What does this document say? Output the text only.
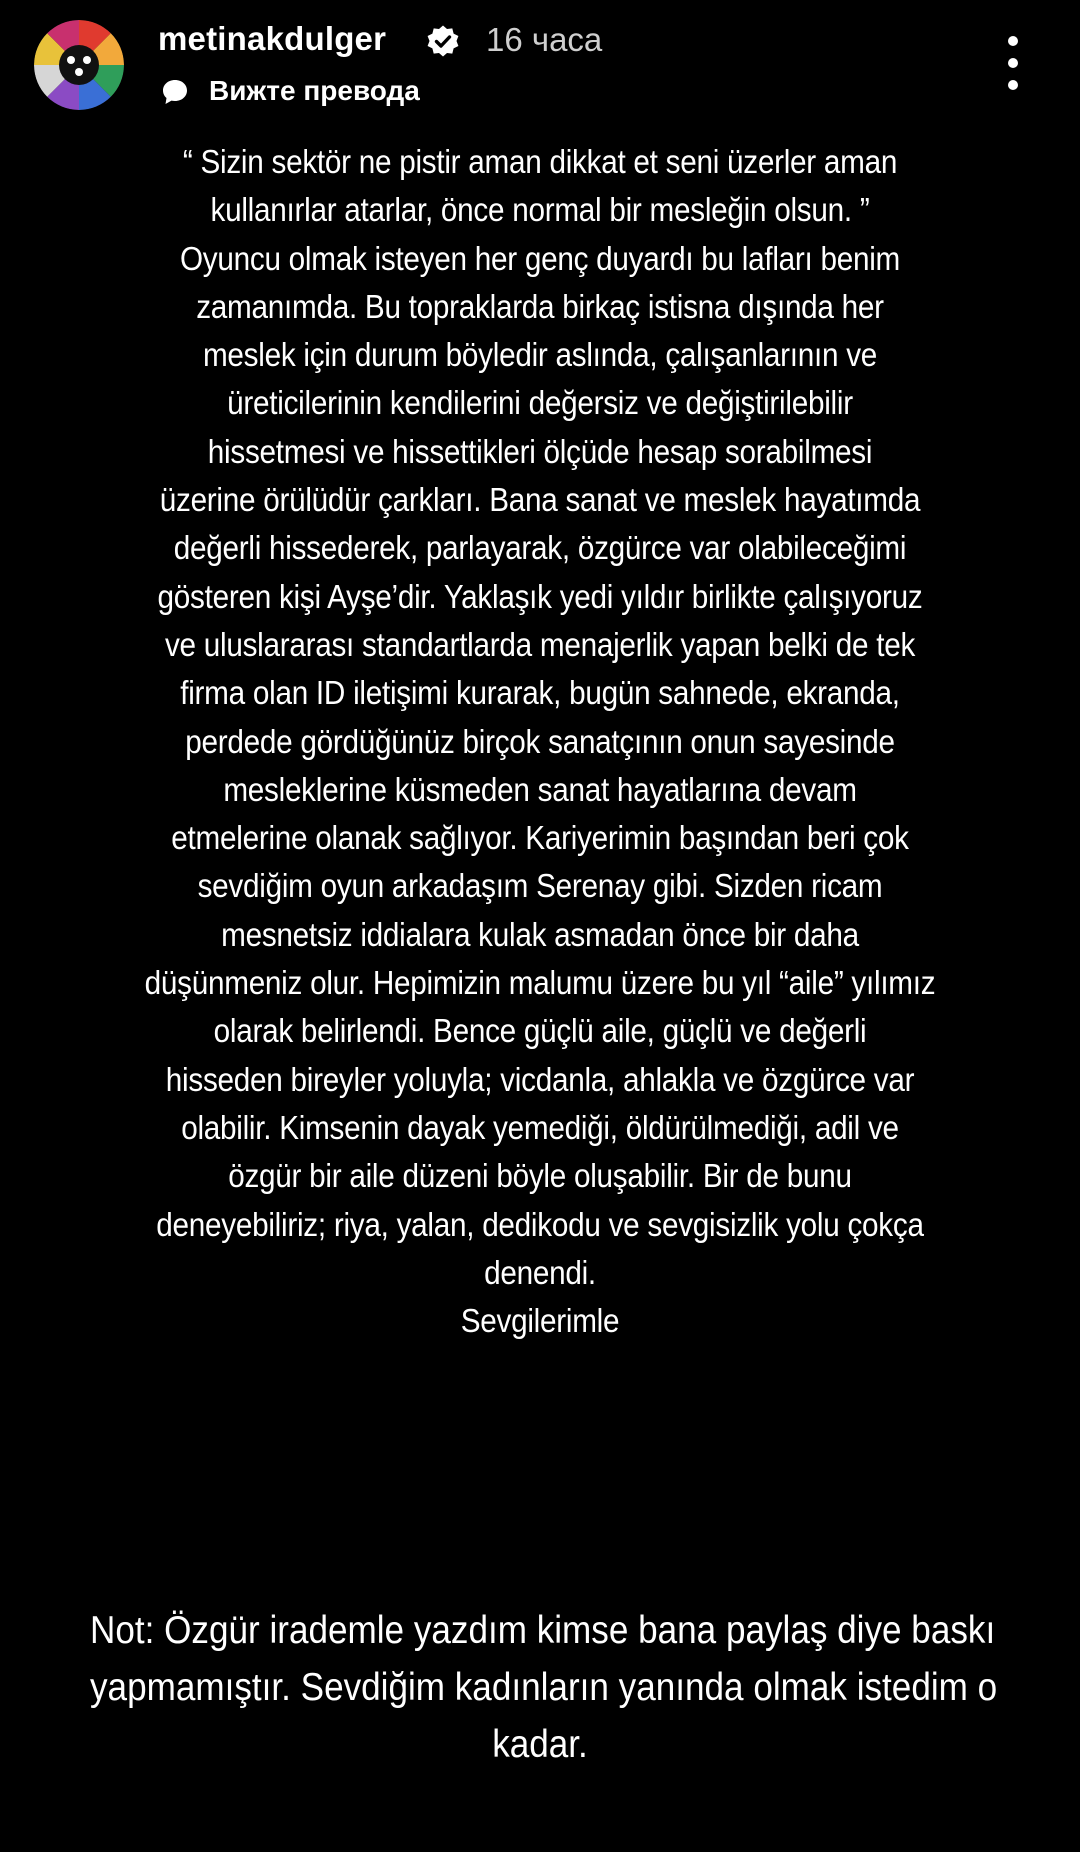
metinakdulger	16 часа
Вижте превода
“ Sizin sektör ne pistir aman dikkat et seni üzerler aman
kullanırlar atarlar, önce normal bir mesleğin olsun. ”
Oyuncu olmak isteyen her genç duyardı bu lafları benim
zamanımda. Bu topraklarda birkaç istisna dışında her
meslek için durum böyledir aslında, çalışanlarının ve
üreticilerinin kendilerini değersiz ve değiştirilebilir
hissetmesi ve hissettikleri ölçüde hesap sorabilmesi
üzerine örülüdür çarkları. Bana sanat ve meslek hayatımda
değerli hissederek, parlayarak, özgürce var olabileceğimi
gösteren kişi Ayşe’dir. Yaklaşık yedi yıldır birlikte çalışıyoruz
ve uluslararası standartlarda menajerlik yapan belki de tek
firma olan ID iletişimi kurarak, bugün sahnede, ekranda,
perdede gördüğünüz birçok sanatçının onun sayesinde
mesleklerine küsmeden sanat hayatlarına devam
etmelerine olanak sağlıyor. Kariyerimin başından beri çok
sevdiğim oyun arkadaşım Serenay gibi. Sizden ricam
mesnetsiz iddialara kulak asmadan önce bir daha
düşünmeniz olur. Hepimizin malumu üzere bu yıl “aile” yılımız
olarak belirlendi. Bence güçlü aile, güçlü ve değerli
hisseden bireyler yoluyla; vicdanla, ahlakla ve özgürce var
olabilir. Kimsenin dayak yemediği, öldürülmediği, adil ve
özgür bir aile düzeni böyle oluşabilir. Bir de bunu
deneyebiliriz; riya, yalan, dedikodu ve sevgisizlik yolu çokça
denendi.
Sevgilerimle
Not: Özgür irademle yazdım kimse bana paylaş diye baskı
yapmamıştır. Sevdiğim kadınların yanında olmak istedim o
kadar.
